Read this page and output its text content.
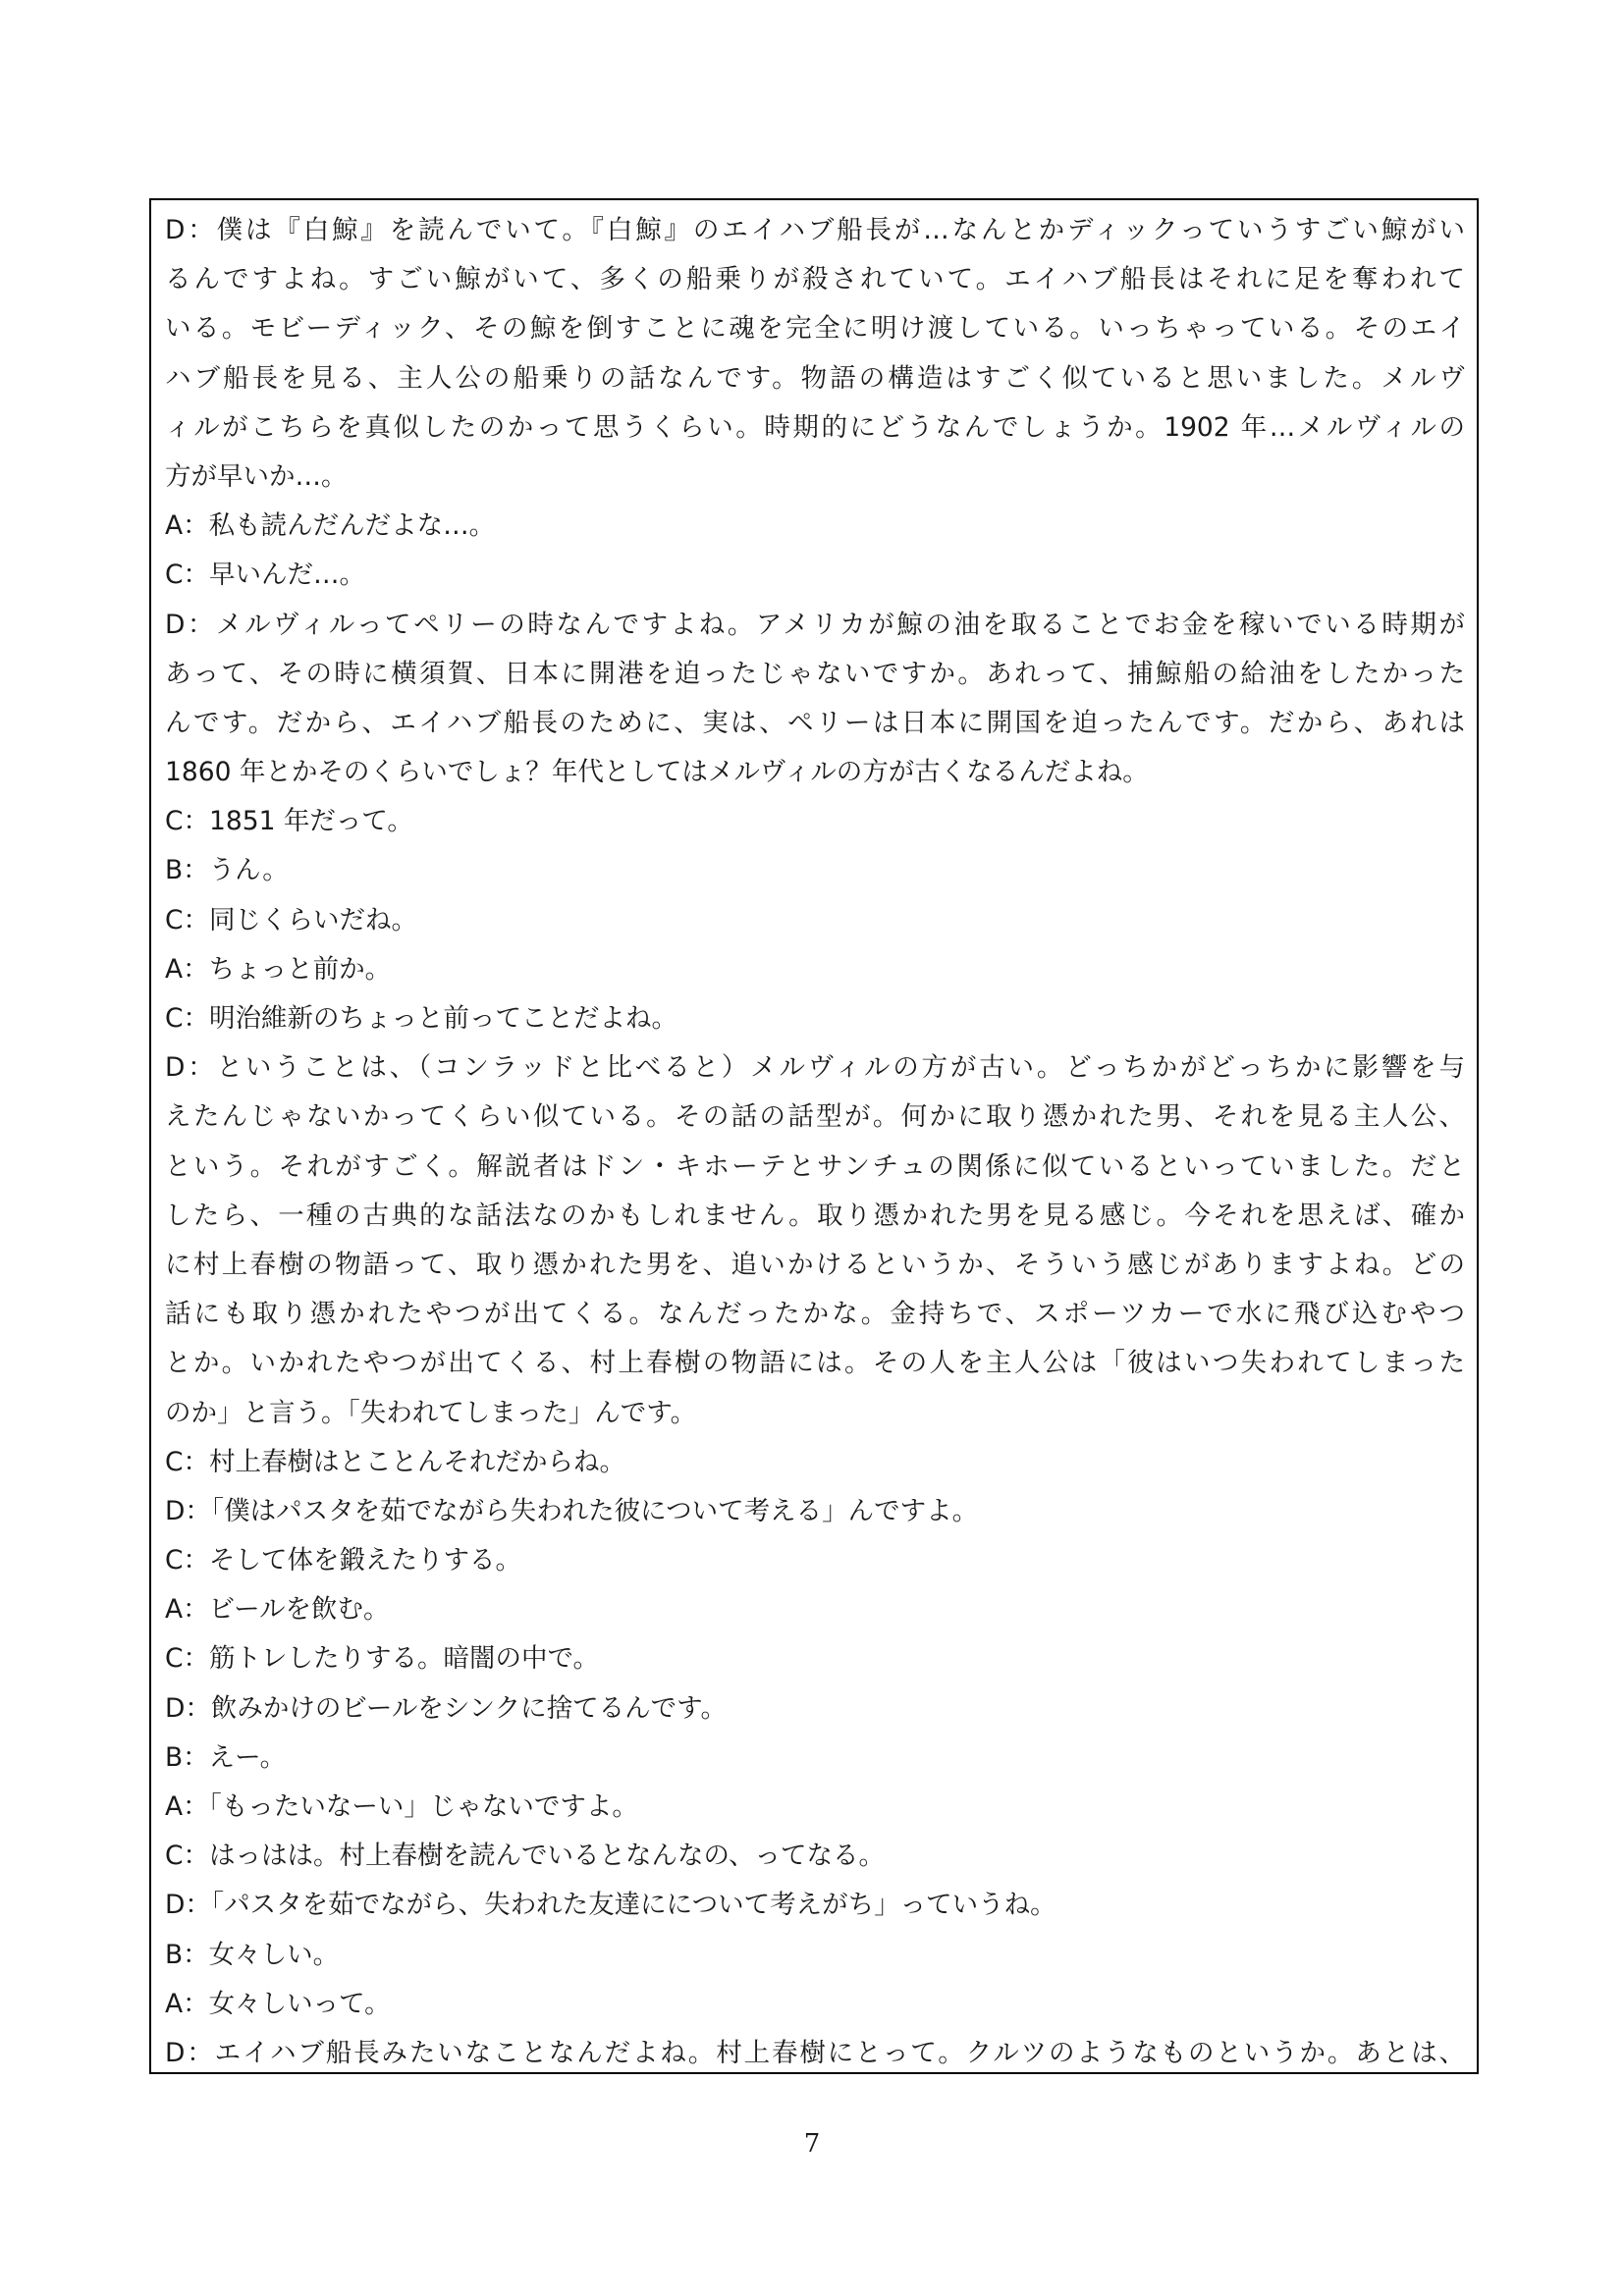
D：僕は『白鯨』を読んでいて。『白鯨』のエイハブ船長が…なんとかディックっていうすごい鯨がい
るんですよね。すごい鯨がいて、多くの船乗りが殺されていて。エイハブ船長はそれに足を奪われて
いる。モビーディック、その鯨を倒すことに魂を完全に明け渡している。いっちゃっている。そのエイ
ハブ船長を見る、主人公の船乗りの話なんです。物語の構造はすごく似ていると思いました。メルヴ
ィルがこちらを真似したのかって思うくらい。時期的にどうなんでしょうか。1902 年…メルヴィルの
方が早いか…。
A：私も読んだんだよな…。
C：早いんだ…。
D：メルヴィルってペリーの時なんですよね。アメリカが鯨の油を取ることでお金を稼いでいる時期が
あって、その時に横須賀、日本に開港を迫ったじゃないですか。あれって、捕鯨船の給油をしたかった
んです。だから、エイハブ船長のために、実は、ペリーは日本に開国を迫ったんです。だから、あれは
1860 年とかそのくらいでしょ？年代としてはメルヴィルの方が古くなるんだよね。
C：1851 年だって。
B：うん。
C：同じくらいだね。
A：ちょっと前か。
C：明治維新のちょっと前ってことだよね。
D：ということは、（コンラッドと比べると）メルヴィルの方が古い。どっちかがどっちかに影響を与
えたんじゃないかってくらい似ている。その話の話型が。何かに取り憑かれた男、それを見る主人公、
という。それがすごく。解説者はドン・キホーテとサンチュの関係に似ているといっていました。だと
したら、一種の古典的な話法なのかもしれません。取り憑かれた男を見る感じ。今それを思えば、確か
に村上春樹の物語って、取り憑かれた男を、追いかけるというか、そういう感じがありますよね。どの
話にも取り憑かれたやつが出てくる。なんだったかな。金持ちで、スポーツカーで水に飛び込むやつ
とか。いかれたやつが出てくる、村上春樹の物語には。その人を主人公は「彼はいつ失われてしまった
のか」と言う。「失われてしまった」んです。
C：村上春樹はとことんそれだからね。
D：「僕はパスタを茹でながら失われた彼について考える」んですよ。
C：そして体を鍛えたりする。
A：ビールを飲む。
C：筋トレしたりする。暗闇の中で。
D：飲みかけのビールをシンクに捨てるんです。
B：えー。
A：「もったいなーい」じゃないですよ。
C：はっはは。村上春樹を読んでいるとなんなの、ってなる。
D：「パスタを茹でながら、失われた友達にについて考えがち」っていうね。
B：女々しい。
A：女々しいって。
D：エイハブ船長みたいなことなんだよね。村上春樹にとって。クルツのようなものというか。あとは、
7
